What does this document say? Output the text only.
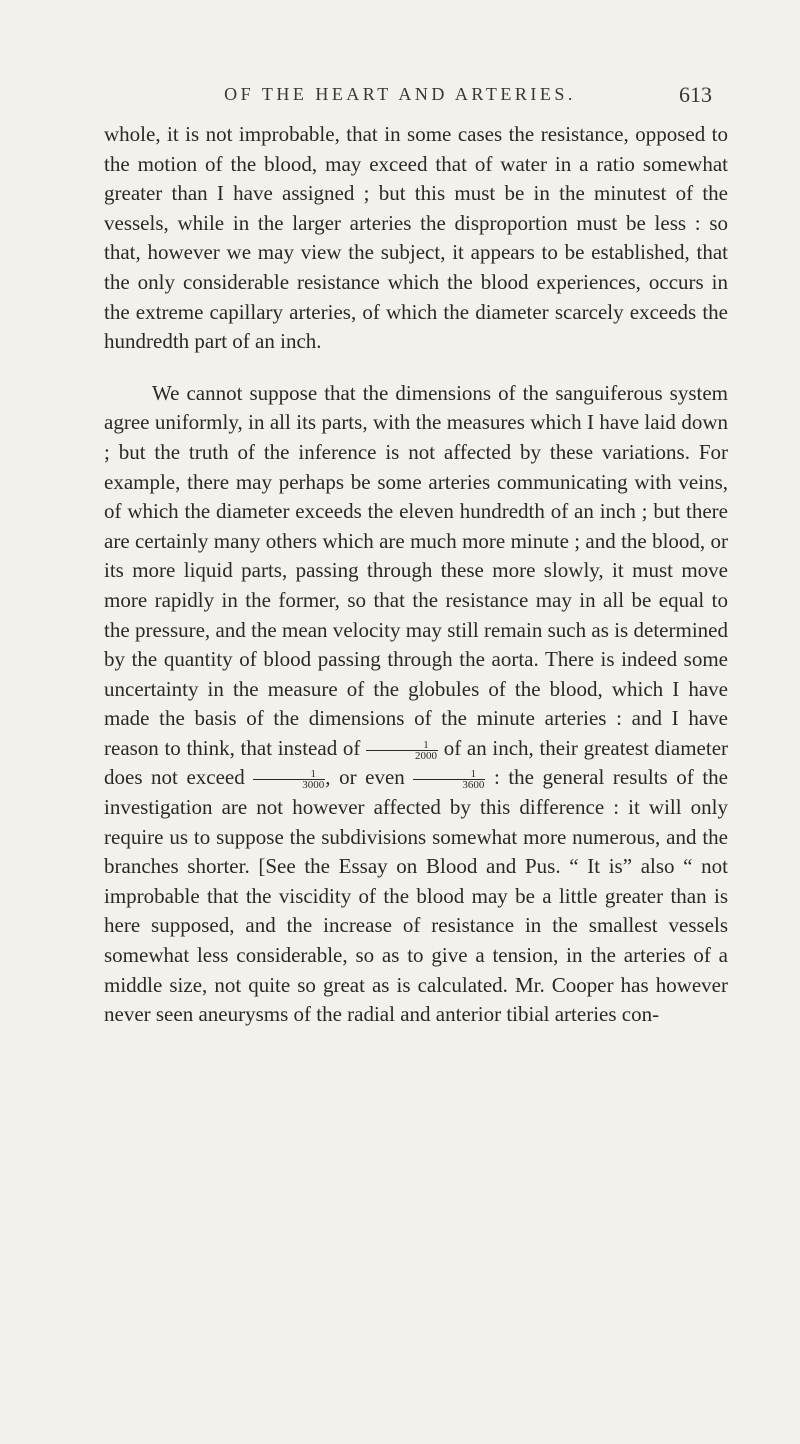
OF THE HEART AND ARTERIES.	613

whole, it is not improbable, that in some cases the resistance, opposed to the motion of the blood, may exceed that of water in a ratio somewhat greater than I have assigned ; but this must be in the minutest of the vessels, while in the larger arteries the disproportion must be less : so that, however we may view the subject, it appears to be established, that the only considerable resistance which the blood experiences, occurs in the extreme capillary arteries, of which the diameter scarcely exceeds the hundredth part of an inch.

We cannot suppose that the dimensions of the sanguiferous system agree uniformly, in all its parts, with the measures which I have laid down ; but the truth of the inference is not affected by these variations. For example, there may perhaps be some arteries communicating with veins, of which the diameter exceeds the eleven hundredth of an inch ; but there are certainly many others which are much more minute ; and the blood, or its more liquid parts, passing through these more slowly, it must move more rapidly in the former, so that the resistance may in all be equal to the pressure, and the mean velocity may still remain such as is determined by the quantity of blood passing through the aorta. There is indeed some uncertainty in the measure of the globules of the blood, which I have made the basis of the dimensions of the minute arteries : and I have reason to think, that instead of $\frac{1}{2000}$ of an inch, their greatest diameter does not exceed $\frac{1}{3000}$ , or even $\frac{1}{3600}$ : the general results of the investigation are not however affected by this difference : it will only require us to suppose the subdivisions somewhat more numerous, and the branches shorter. [See the Essay on Blood and Pus. “ It is” also “ not improbable that the viscidity of the blood may be a little greater than is here supposed, and the increase of resistance in the smallest vessels somewhat less considerable, so as to give a tension, in the arteries of a middle size, not quite so great as is calculated. Mr. Cooper has however never seen aneurysms of the radial and anterior tibial arteries con-
